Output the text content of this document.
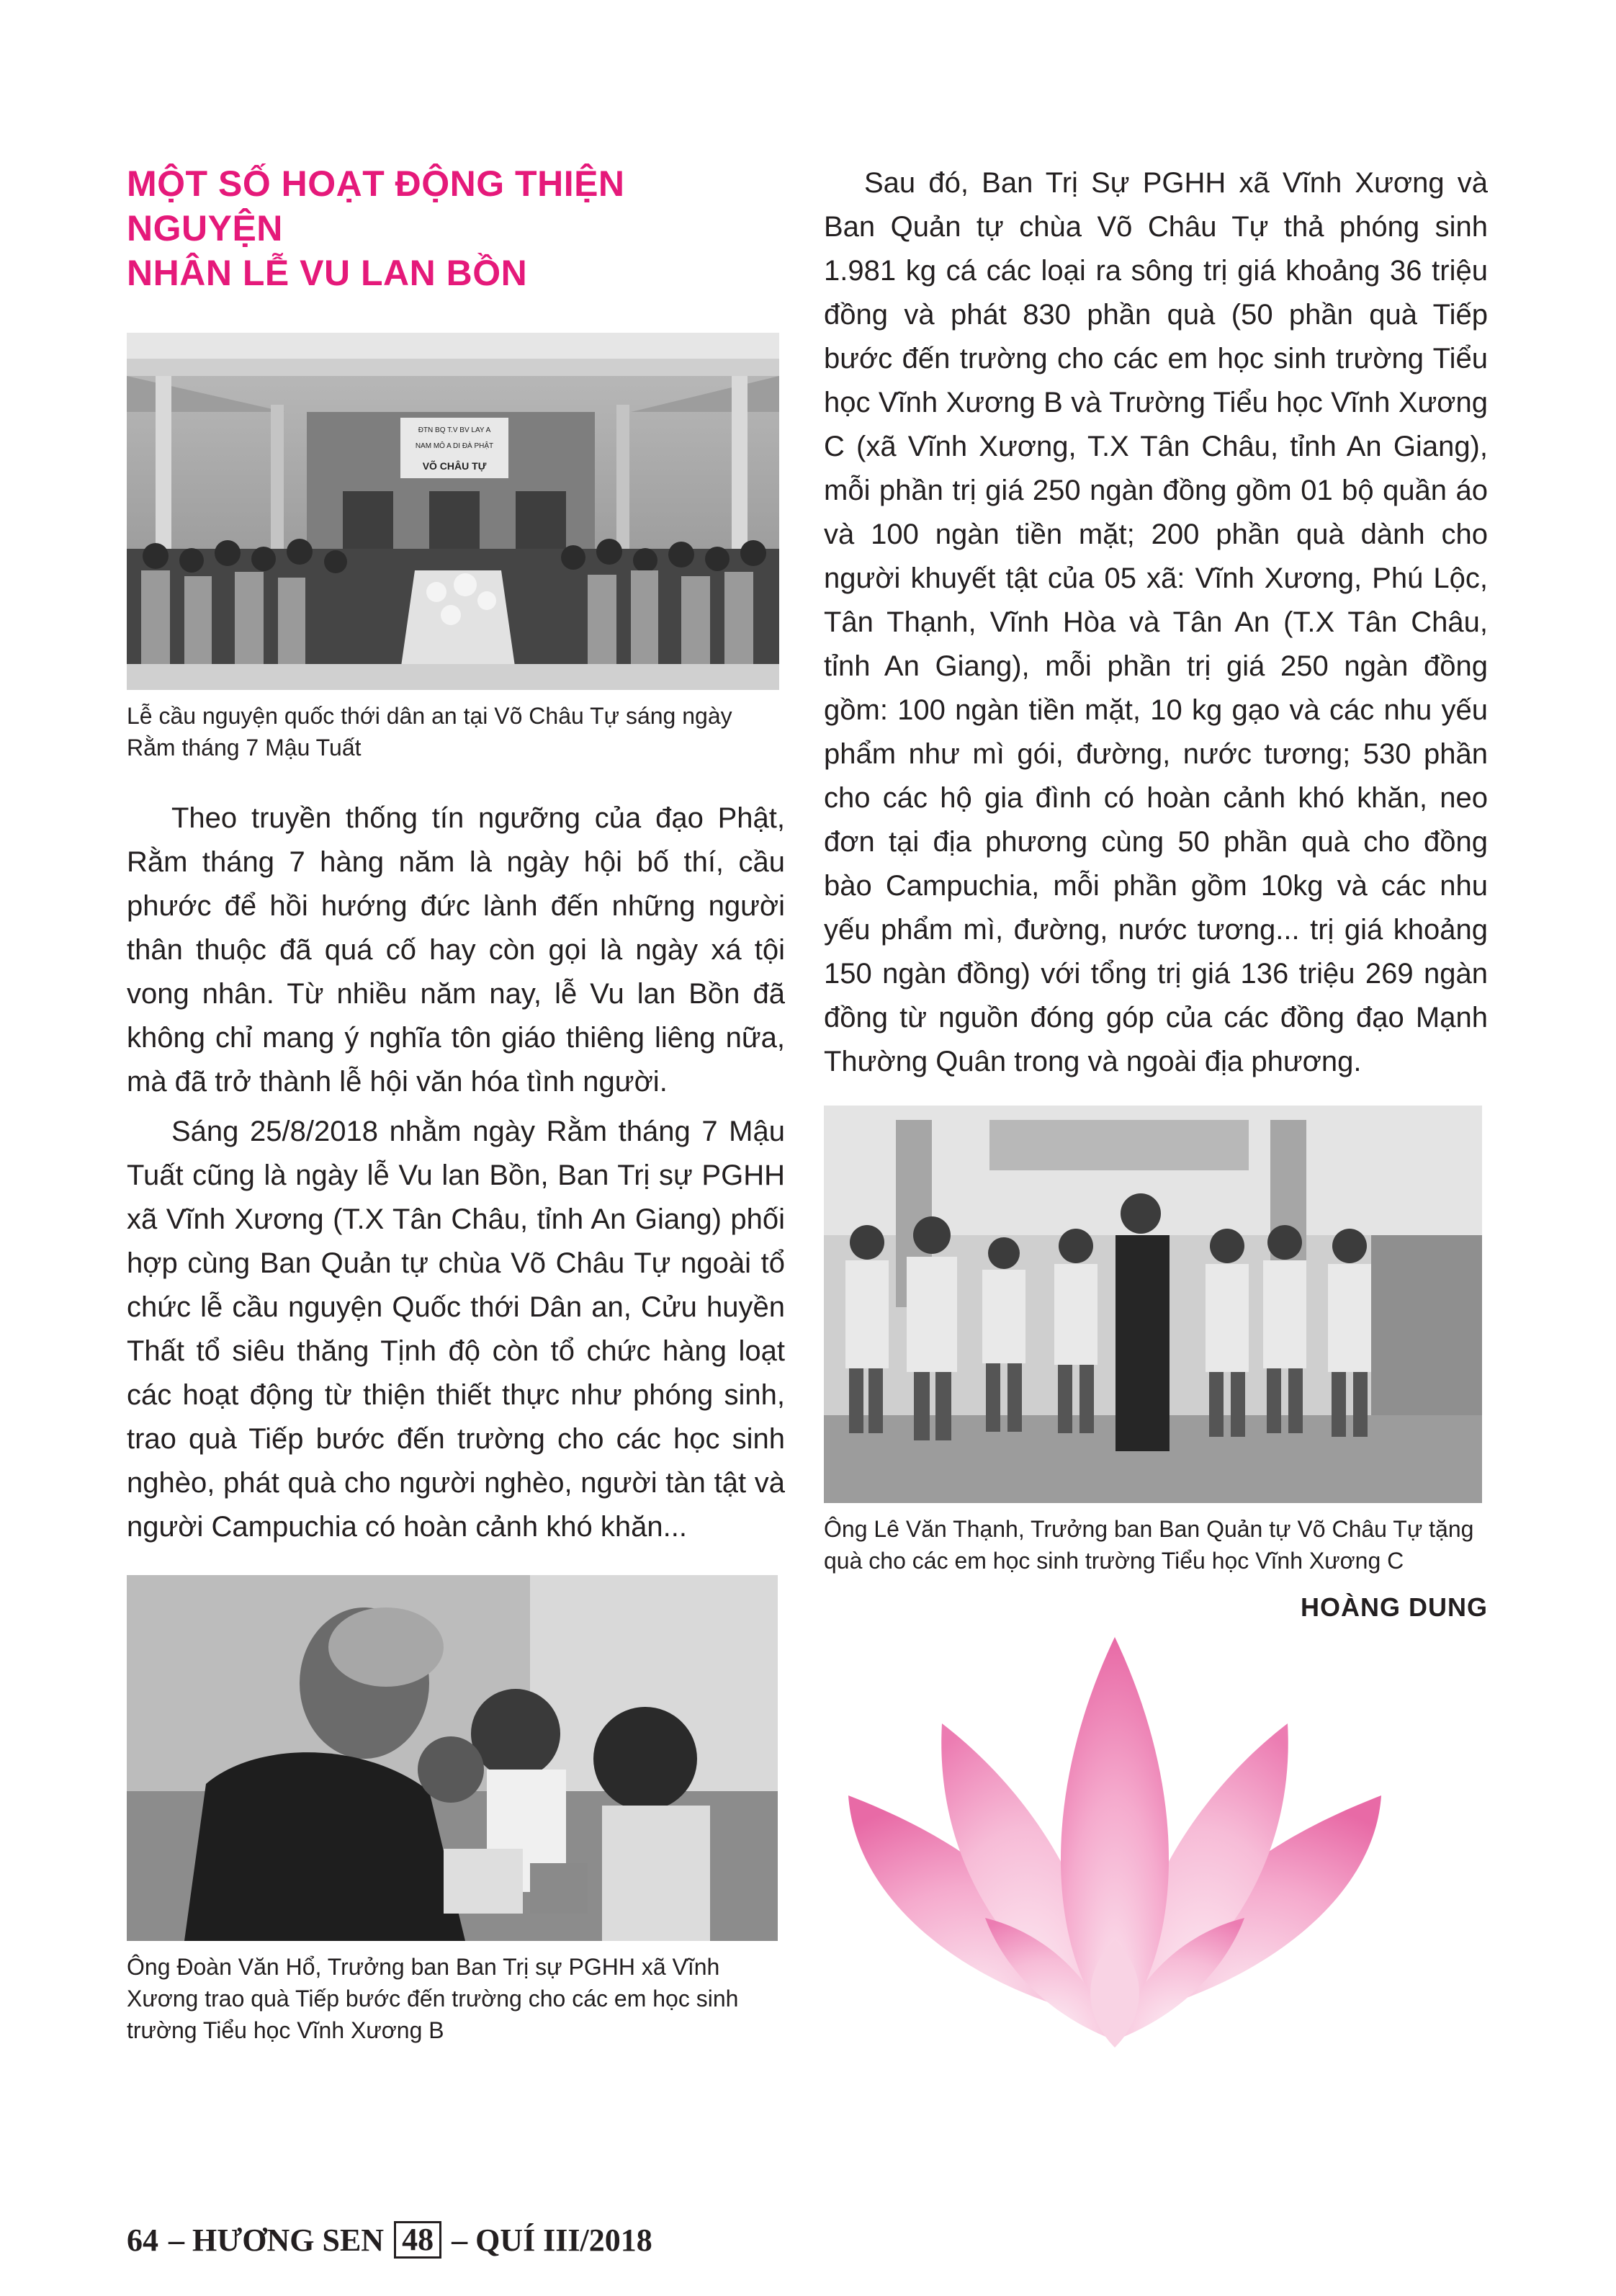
MỘT SỐ HOẠT ĐỘNG THIỆN NGUYỆN
NHÂN LỄ VU LAN BỒN
ĐTN BQ T.V BV LAY A
NAM MÔ A DI ĐÀ PHẬT
VÕ CHÂU TỰ

Lễ cầu nguyện quốc thới dân an tại Võ Châu Tự sáng ngày Rằm tháng 7 Mậu Tuất

Theo truyền thống tín ngưỡng của đạo Phật, Rằm tháng 7 hàng năm là ngày hội bố thí, cầu phước để hồi hướng đức lành đến những người thân thuộc đã quá cố hay còn gọi là ngày xá tội vong nhân. Từ nhiều năm nay, lễ Vu lan Bồn đã không chỉ mang ý nghĩa tôn giáo thiêng liêng nữa, mà đã trở thành lễ hội văn hóa tình người.

Sáng 25/8/2018 nhằm ngày Rằm tháng 7 Mậu Tuất cũng là ngày lễ Vu lan Bồn, Ban Trị sự PGHH xã Vĩnh Xương (T.X Tân Châu, tỉnh An Giang) phối hợp cùng Ban Quản tự chùa Võ Châu Tự ngoài tổ chức lễ cầu nguyện Quốc thới Dân an, Cửu huyền Thất tổ siêu thăng Tịnh độ còn tổ chức hàng loạt các hoạt động từ thiện thiết thực như phóng sinh, trao quà Tiếp bước đến trường cho các học sinh nghèo, phát quà cho người nghèo, người tàn tật và người Campuchia có hoàn cảnh khó khăn...

Ông Đoàn Văn Hổ, Trưởng ban Ban Trị sự PGHH xã Vĩnh Xương trao quà Tiếp bước đến trường cho các em học sinh trường Tiểu học Vĩnh Xương B

Sau đó, Ban Trị Sự PGHH xã Vĩnh Xương và Ban Quản tự chùa Võ Châu Tự thả phóng sinh 1.981 kg cá các loại ra sông trị giá khoảng 36 triệu đồng và phát 830 phần quà (50 phần quà Tiếp bước đến trường cho các em học sinh trường Tiểu học Vĩnh Xương B và Trường Tiểu học Vĩnh Xương C (xã Vĩnh Xương, T.X Tân Châu, tỉnh An Giang), mỗi phần trị giá 250 ngàn đồng gồm 01 bộ quần áo và 100 ngàn tiền mặt; 200 phần quà dành cho người khuyết tật của 05 xã: Vĩnh Xương, Phú Lộc, Tân Thạnh, Vĩnh Hòa và Tân An (T.X Tân Châu, tỉnh An Giang), mỗi phần trị giá 250 ngàn đồng gồm: 100 ngàn tiền mặt, 10 kg gạo và các nhu yếu phẩm như mì gói, đường, nước tương; 530 phần cho các hộ gia đình có hoàn cảnh khó khăn, neo đơn tại địa phương cùng 50 phần quà cho đồng bào Campuchia, mỗi phần gồm 10kg và các nhu yếu phẩm mì, đường, nước tương... trị giá khoảng 150 ngàn đồng) với tổng trị giá 136 triệu 269 ngàn đồng từ nguồn đóng góp của các đồng đạo Mạnh Thường Quân trong và ngoài địa phương.

Ông Lê Văn Thạnh, Trưởng ban Ban Quản tự Võ Châu Tự tặng quà cho các em học sinh trường Tiểu học Vĩnh Xương C

HOÀNG DUNG
64 – HƯƠNG SEN 48 – QUÍ III/2018
